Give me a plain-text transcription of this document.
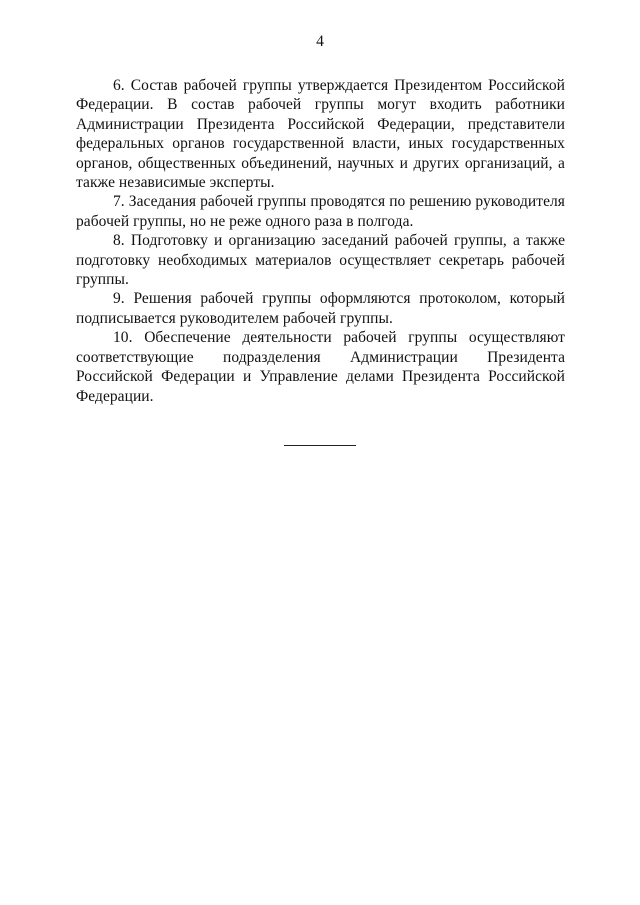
4

6. Состав рабочей группы утверждается Президентом Российской Федерации. В состав рабочей группы могут входить работники Администрации Президента Российской Федерации, представители федеральных органов государственной власти, иных государственных органов, общественных объединений, научных и других организаций, а также независимые эксперты.

7. Заседания рабочей группы проводятся по решению руководителя рабочей группы, но не реже одного раза в полгода.

8. Подготовку и организацию заседаний рабочей группы, а также подготовку необходимых материалов осуществляет секретарь рабочей группы.

9. Решения рабочей группы оформляются протоколом, который подписывается руководителем рабочей группы.

10. Обеспечение деятельности рабочей группы осуществляют соответствующие подразделения Администрации Президента Российской Федерации и Управление делами Президента Российской Федерации.
